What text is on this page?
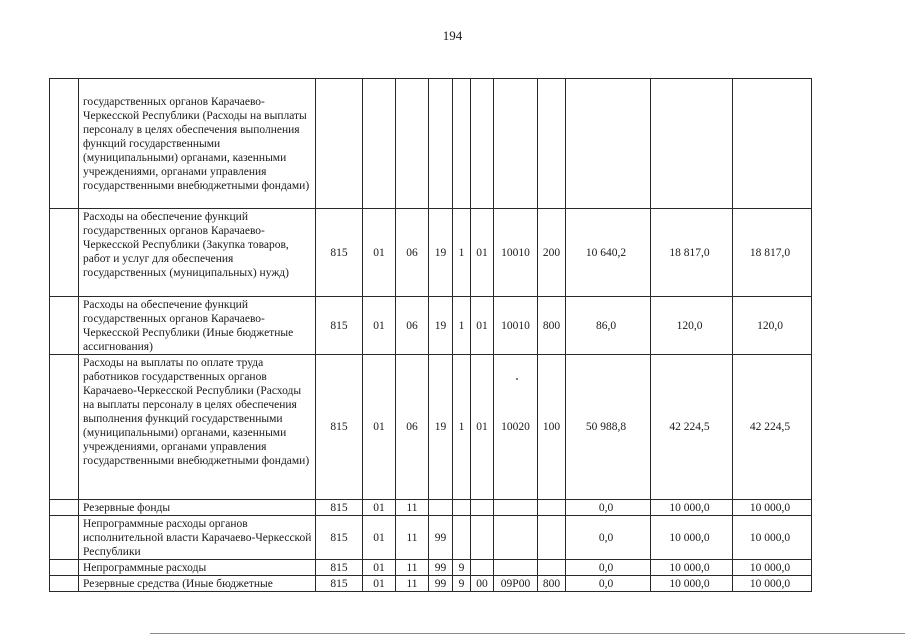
194
	государственных органов Карачаево-Черкесской Республики (Расходы на выплаты персоналу в целях обеспечения выполнения функций государственными (муниципальными) органами, казенными учреждениями, органами управления государственными внебюджетными фондами)											
	Расходы на обеспечение функций государственных органов Карачаево-Черкесской Республики (Закупка товаров, работ и услуг для обеспечения государственных (муниципальных) нужд)	815	01	06	19	1	01	10010	200	10 640,2	18 817,0	18 817,0
	Расходы на обеспечение функций государственных органов Карачаево-Черкесской Республики (Иные бюджетные ассигнования)	815	01	06	19	1	01	10010	800	86,0	120,0	120,0
	Расходы на выплаты по оплате труда работников государственных органов Карачаево-Черкесской Республики (Расходы на выплаты персоналу в целях обеспечения выполнения функций государственными (муниципальными) органами, казенными учреждениями, органами управления государственными внебюджетными фондами)	815	01	06	19	1	01	10020	100	50 988,8	42 224,5	42 224,5
	Резервные фонды	815	01	11						0,0	10 000,0	10 000,0
	Непрограммные расходы органов исполнительной власти Карачаево-Черкесской Республики	815	01	11	99					0,0	10 000,0	10 000,0
	Непрограммные расходы	815	01	11	99	9				0,0	10 000,0	10 000,0
	Резервные средства (Иные бюджетные	815	01	11	99	9	00	09Р00	800	0,0	10 000,0	10 000,0
